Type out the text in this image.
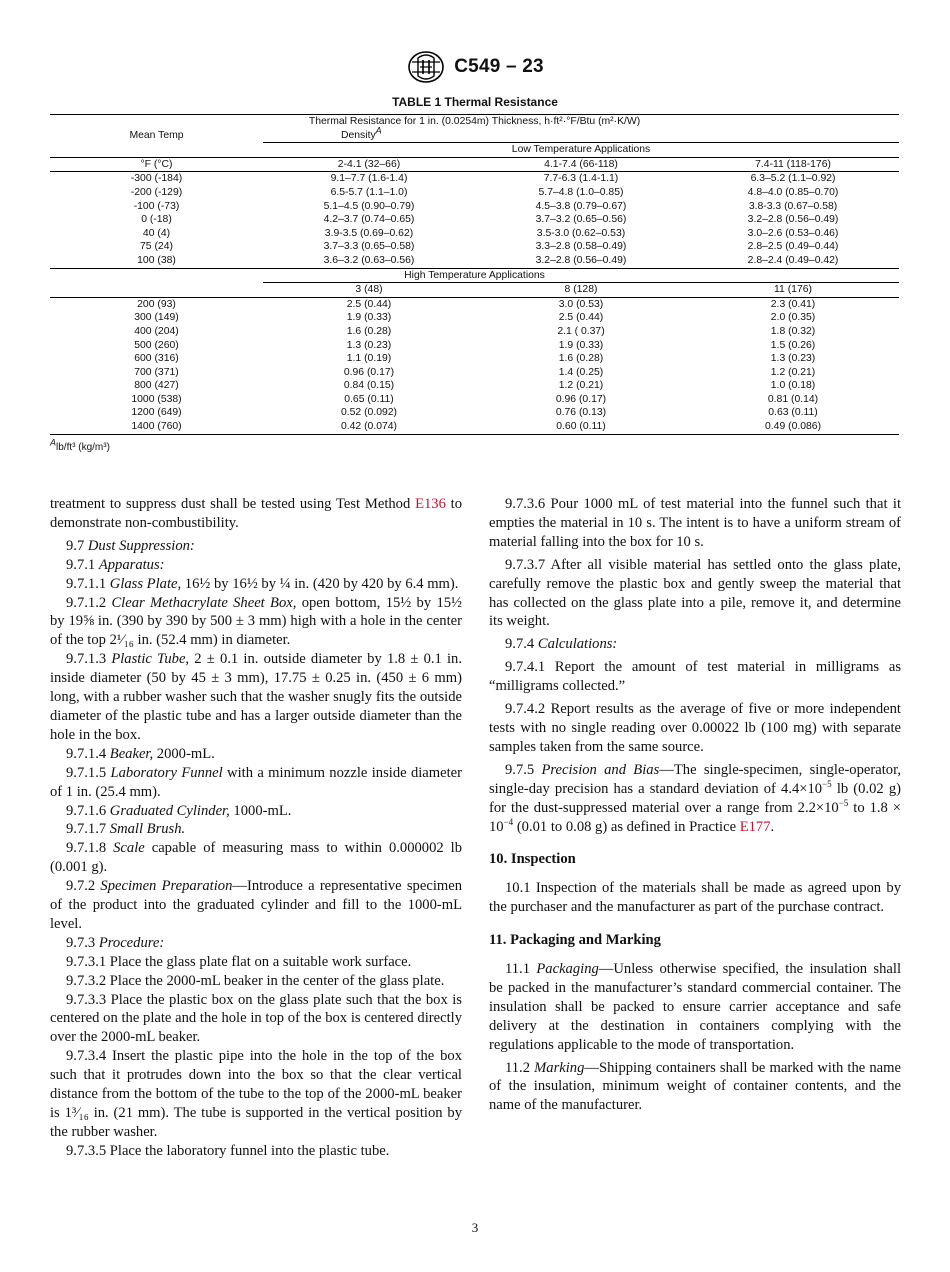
C549 – 23
TABLE 1 Thermal Resistance
Thermal Resistance for 1 in. (0.0254m) Thickness, h·ft²·°F/Btu (m²·K/W)			
Mean Temp	Density$^A$		
	Low Temperature Applications		
°F (°C)	2-4.1 (32–66)	4.1-7.4 (66-118)	7.4-11 (118-176)
-300 (-184)	9.1–7.7 (1.6-1.4)	7.7-6.3 (1.4-1.1)	6.3–5.2 (1.1–0.92)
-200 (-129)	6.5-5.7 (1.1–1.0)	5.7–4.8 (1.0–0.85)	4.8–4.0 (0.85–0.70)
-100 (-73)	5.1–4.5 (0.90–0.79)	4.5–3.8 (0.79–0.67)	3.8-3.3 (0.67–0.58)
0 (-18)	4.2–3.7 (0.74–0.65)	3.7–3.2 (0.65–0.56)	3.2–2.8 (0.56–0.49)
40 (4)	3.9-3.5 (0.69–0.62)	3.5-3.0 (0.62–0.53)	3.0–2.6 (0.53–0.46)
75 (24)	3.7–3.3 (0.65–0.58)	3.3–2.8 (0.58–0.49)	2.8–2.5 (0.49–0.44)
100 (38)	3.6–3.2 (0.63–0.56)	3.2–2.8 (0.56–0.49)	2.8–2.4 (0.49–0.42)
High Temperature Applications			
	3 (48)	8 (128)	11 (176)
200 (93)	2.5 (0.44)	3.0 (0.53)	2.3 (0.41)
300 (149)	1.9 (0.33)	2.5 (0.44)	2.0 (0.35)
400 (204)	1.6 (0.28)	2.1 ( 0.37)	1.8 (0.32)
500 (260)	1.3 (0.23)	1.9 (0.33)	1.5 (0.26)
600 (316)	1.1 (0.19)	1.6 (0.28)	1.3 (0.23)
700 (371)	0.96 (0.17)	1.4 (0.25)	1.2 (0.21)
800 (427)	0.84 (0.15)	1.2 (0.21)	1.0 (0.18)
1000 (538)	0.65 (0.11)	0.96 (0.17)	0.81 (0.14)
1200 (649)	0.52 (0.092)	0.76 (0.13)	0.63 (0.11)
1400 (760)	0.42 (0.074)	0.60 (0.11)	0.49 (0.086)
$^A$lb/ft³ (kg/m³)

treatment to suppress dust shall be tested using Test Method E136 to demonstrate non-combustibility.

9.7 Dust Suppression:

9.7.1 Apparatus:

9.7.1.1 Glass Plate, 16½ by 16½ by ¼ in. (420 by 420 by 6.4 mm).

9.7.1.2 Clear Methacrylate Sheet Box, open bottom, 15½ by 15½ by 19⅝ in. (390 by 390 by 500 ± 3 mm) high with a hole in the center of the top 2¹⁄₁₆ in. (52.4 mm) in diameter.

9.7.1.3 Plastic Tube, 2 ± 0.1 in. outside diameter by 1.8 ± 0.1 in. inside diameter (50 by 45 ± 3 mm), 17.75 ± 0.25 in. (450 ± 6 mm) long, with a rubber washer such that the washer snugly fits the outside diameter of the plastic tube and has a larger outside diameter than the hole in the box.

9.7.1.4 Beaker, 2000-mL.

9.7.1.5 Laboratory Funnel with a minimum nozzle inside diameter of 1 in. (25.4 mm).

9.7.1.6 Graduated Cylinder, 1000-mL.

9.7.1.7 Small Brush.

9.7.1.8 Scale capable of measuring mass to within 0.000002 lb (0.001 g).

9.7.2 Specimen Preparation—Introduce a representative specimen of the product into the graduated cylinder and fill to the 1000-mL level.

9.7.3 Procedure:

9.7.3.1 Place the glass plate flat on a suitable work surface.

9.7.3.2 Place the 2000-mL beaker in the center of the glass plate.

9.7.3.3 Place the plastic box on the glass plate such that the box is centered on the plate and the hole in top of the box is centered directly over the 2000-mL beaker.

9.7.3.4 Insert the plastic pipe into the hole in the top of the box such that it protrudes down into the box so that the clear vertical distance from the bottom of the tube to the top of the 2000-mL beaker is 1³⁄₁₆ in. (21 mm). The tube is supported in the vertical position by the rubber washer.

9.7.3.5 Place the laboratory funnel into the plastic tube.

9.7.3.6 Pour 1000 mL of test material into the funnel such that it empties the material in 10 s. The intent is to have a uniform stream of material falling into the box for 10 s.

9.7.3.7 After all visible material has settled onto the glass plate, carefully remove the plastic box and gently sweep the material that has collected on the glass plate into a pile, remove it, and determine its weight.

9.7.4 Calculations:

9.7.4.1 Report the amount of test material in milligrams as “milligrams collected.”

9.7.4.2 Report results as the average of five or more independent tests with no single reading over 0.00022 lb (100 mg) with separate samples taken from the same source.

9.7.5 Precision and Bias—The single-specimen, single-operator, single-day precision has a standard deviation of $4.4\times 10^{-5}$ lb (0.02 g) for the dust-suppressed material over a range from $2.2\times 10^{-5}$ to $1.8 \times 10^{-4}$ (0.01 to 0.08 g) as defined in Practice E177.

10. Inspection

10.1 Inspection of the materials shall be made as agreed upon by the purchaser and the manufacturer as part of the purchase contract.

11. Packaging and Marking

11.1 Packaging—Unless otherwise specified, the insulation shall be packed in the manufacturer’s standard commercial container. The insulation shall be packed to ensure carrier acceptance and safe delivery at the destination in containers complying with the regulations applicable to the mode of transportation.

11.2 Marking—Shipping containers shall be marked with the name of the insulation, minimum weight of container contents, and the name of the manufacturer.

3
